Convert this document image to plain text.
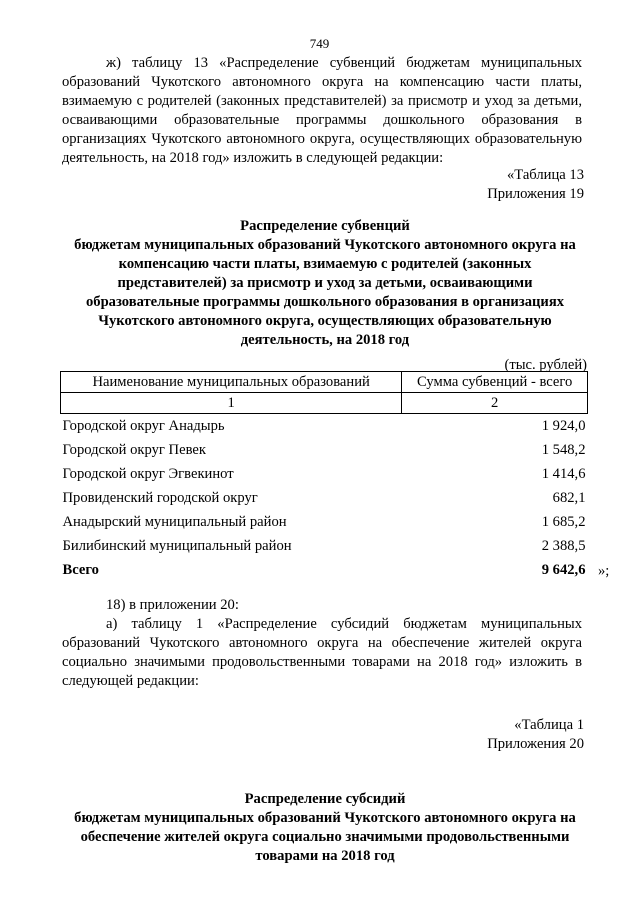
749
ж) таблицу 13 «Распределение субвенций бюджетам муниципальных образований Чукотского автономного округа на компенсацию части платы, взимаемую с родителей (законных представителей) за присмотр и уход за детьми, осваивающими образовательные программы дошкольного образования в организациях Чукотского автономного округа, осуществляющих образовательную деятельность, на 2018 год» изложить в следующей редакции:
«Таблица 13
Приложения 19
Распределение субвенций
бюджетам муниципальных образований Чукотского автономного округа на
компенсацию части платы, взимаемую с родителей (законных
представителей) за присмотр и уход за детьми, осваивающими
образовательные программы дошкольного образования в организациях
Чукотского автономного округа, осуществляющих образовательную
деятельность, на 2018 год
(тыс. рублей)
Наименование муниципальных образований	Сумма субвенций - всего
1	2
Городской округ Анадырь	1 924,0
Городской округ Певек	1 548,2
Городской округ Эгвекинот	1 414,6
Провиденский городской округ	682,1
Анадырский муниципальный район	1 685,2
Билибинский муниципальный район	2 388,5
Всего	9 642,6 »;
18) в приложении 20:
а) таблицу 1 «Распределение субсидий бюджетам муниципальных образований Чукотского автономного округа на обеспечение жителей округа социально значимыми продовольственными товарами на 2018 год» изложить в следующей редакции:
«Таблица 1
Приложения 20
Распределение субсидий
бюджетам муниципальных образований Чукотского автономного округа на
обеспечение жителей округа социально значимыми продовольственными
товарами на 2018 год
